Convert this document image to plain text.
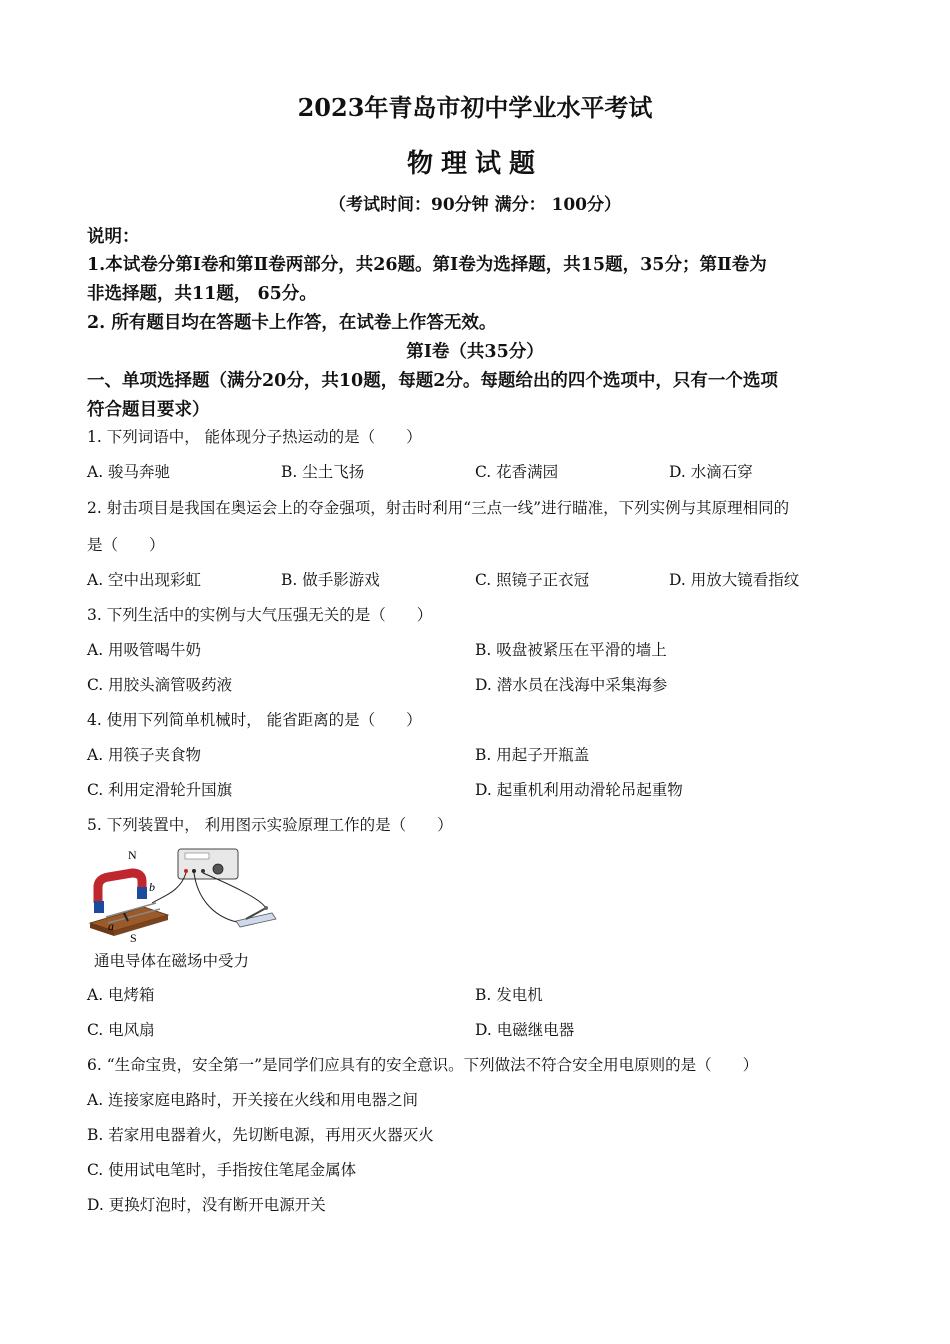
2023年青岛市初中学业水平考试
物理试题
（考试时间：90分钟 满分： 100分）
说明：
1.本试卷分第Ⅰ卷和第Ⅱ卷两部分，共26题。第Ⅰ卷为选择题，共15题，35分；第Ⅱ卷为
非选择题，共11题， 65分。
2. 所有题目均在答题卡上作答，在试卷上作答无效。
第Ⅰ卷（共35分）
一、单项选择题（满分20分，共10题，每题2分。每题给出的四个选项中，只有一个选项
符合题目要求）
1. 下列词语中， 能体现分子热运动的是（　　）
A. 骏马奔驰	B. 尘土飞扬	C. 花香满园	D. 水滴石穿
2. 射击项目是我国在奥运会上的夺金强项，射击时利用“三点一线”进行瞄准，下列实例与其原理相同的
是（　　）
A. 空中出现彩虹	B. 做手影游戏	C. 照镜子正衣冠	D. 用放大镜看指纹
3. 下列生活中的实例与大气压强无关的是（　　）
A. 用吸管喝牛奶	B. 吸盘被紧压在平滑的墙上
C. 用胶头滴管吸药液	D. 潜水员在浅海中采集海参
4. 使用下列简单机械时， 能省距离的是（　　）
A. 用筷子夹食物	B. 用起子开瓶盖
C. 利用定滑轮升国旗	D. 起重机利用动滑轮吊起重物
5. 下列装置中， 利用图示实验原理工作的是（　　）
N
b
a
S
通电导体在磁场中受力
A. 电烤箱	B. 发电机
C. 电风扇	D. 电磁继电器
6. “生命宝贵，安全第一”是同学们应具有的安全意识。下列做法不符合安全用电原则的是（　　）
A. 连接家庭电路时，开关接在火线和用电器之间
B. 若家用电器着火，先切断电源，再用灭火器灭火
C. 使用试电笔时，手指按住笔尾金属体
D. 更换灯泡时，没有断开电源开关
